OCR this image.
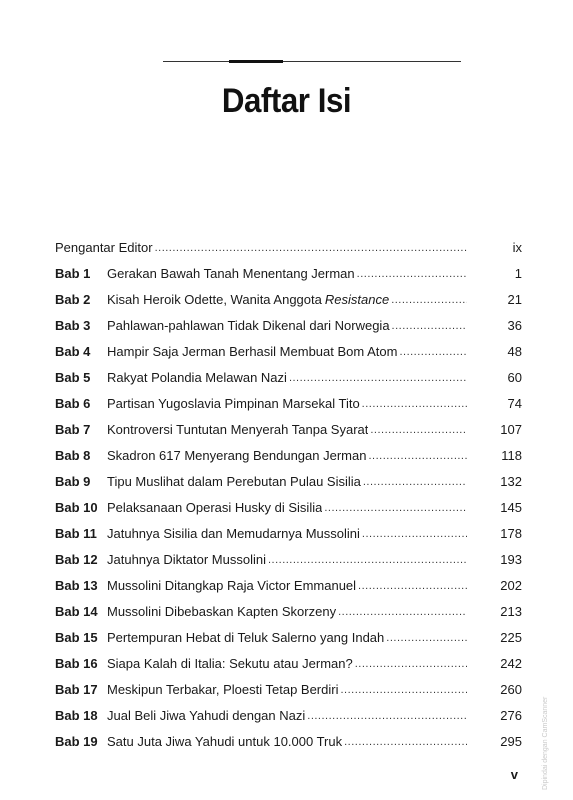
Daftar Isi
Pengantar Editor .....	ix
Bab 1	Gerakan Bawah Tanah Menentang Jerman .....	1
Bab 2	Kisah Heroik Odette, Wanita Anggota Resistance .....	21
Bab 3	Pahlawan-pahlawan Tidak Dikenal dari Norwegia .....	36
Bab 4	Hampir Saja Jerman Berhasil Membuat Bom Atom .....	48
Bab 5	Rakyat Polandia Melawan Nazi .....	60
Bab 6	Partisan Yugoslavia Pimpinan Marsekal Tito .....	74
Bab 7	Kontroversi Tuntutan Menyerah Tanpa Syarat .....	107
Bab 8	Skadron 617 Menyerang Bendungan Jerman .....	118
Bab 9	Tipu Muslihat dalam Perebutan Pulau Sisilia .....	132
Bab 10 Pelaksanaan Operasi Husky di Sisilia .....	145
Bab 11 Jatuhnya Sisilia dan Memudarnya Mussolini .....	178
Bab 12 Jatuhnya Diktator Mussolini .....	193
Bab 13 Mussolini Ditangkap Raja Victor Emmanuel .....	202
Bab 14 Mussolini Dibebaskan Kapten Skorzeny .....	213
Bab 15 Pertempuran Hebat di Teluk Salerno yang Indah .....	225
Bab 16 Siapa Kalah di Italia: Sekutu atau Jerman? .....	242
Bab 17 Meskipun Terbakar, Ploesti Tetap Berdiri .....	260
Bab 18 Jual Beli Jiwa Yahudi dengan Nazi .....	276
Bab 19 Satu Juta Jiwa Yahudi untuk 10.000 Truk .....	295
v	Dipindai dengan CamScanner
